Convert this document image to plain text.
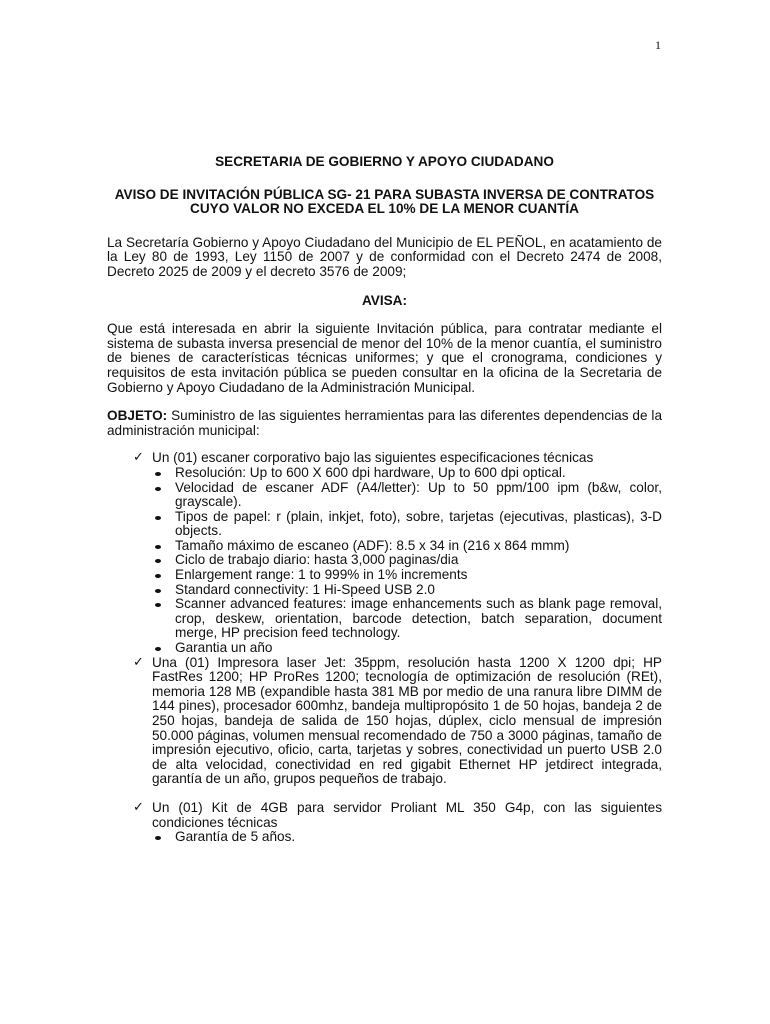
1
SECRETARIA DE GOBIERNO Y APOYO CIUDADANO
AVISO DE INVITACIÓN PÚBLICA SG- 21 PARA SUBASTA INVERSA DE CONTRATOS CUYO VALOR NO EXCEDA EL 10% DE LA MENOR CUANTÍA

La Secretaría Gobierno y Apoyo Ciudadano del Municipio de EL PEÑOL, en acatamiento de la Ley 80 de 1993, Ley 1150 de 2007 y de conformidad con el Decreto 2474 de 2008, Decreto 2025 de 2009 y el decreto 3576 de 2009;

AVISA:

Que está interesada en abrir la siguiente Invitación pública, para contratar mediante el sistema de subasta inversa presencial de menor del 10% de la menor cuantía, el suministro de bienes de características técnicas uniformes; y que el cronograma, condiciones y requisitos de esta invitación pública se pueden consultar en la oficina de la Secretaria de Gobierno y Apoyo Ciudadano de la Administración Municipal.

OBJETO: Suministro de las siguientes herramientas para las diferentes dependencias de la administración municipal:

✓ Un (01) escaner corporativo bajo las siguientes especificaciones técnicas
Resolución: Up to 600 X 600 dpi hardware, Up to 600 dpi optical.
Velocidad de escaner ADF (A4/letter): Up to 50 ppm/100 ipm (b&w, color, grayscale).
Tipos de papel: r (plain, inkjet, foto), sobre, tarjetas (ejecutivas, plasticas), 3-D objects.
Tamaño máximo de escaneo (ADF): 8.5 x 34 in (216 x 864 mmm)
Ciclo de trabajo diario: hasta 3,000 paginas/dia
Enlargement range: 1 to 999% in 1% increments
Standard connectivity: 1 Hi-Speed USB 2.0
Scanner advanced features: image enhancements such as blank page removal, crop, deskew, orientation, barcode detection, batch separation, document merge, HP precision feed technology.
Garantia un año
✓ Una (01) Impresora laser Jet: 35ppm, resolución hasta 1200 X 1200 dpi; HP FastRes 1200; HP ProRes 1200; tecnología de optimización de resolución (REt), memoria 128 MB (expandible hasta 381 MB por medio de una ranura libre DIMM de 144 pines), procesador 600mhz, bandeja multipropósito 1 de 50 hojas, bandeja 2 de 250 hojas, bandeja de salida de 150 hojas, dúplex, ciclo mensual de impresión 50.000 páginas, volumen mensual recomendado de 750 a 3000 páginas, tamaño de impresión ejecutivo, oficio, carta, tarjetas y sobres, conectividad un puerto USB 2.0 de alta velocidad, conectividad en red gigabit Ethernet HP jetdirect integrada, garantía de un año, grupos pequeños de trabajo.
✓ Un (01) Kit de 4GB para servidor Proliant ML 350 G4p, con las siguientes condiciones técnicas
Garantía de 5 años.
